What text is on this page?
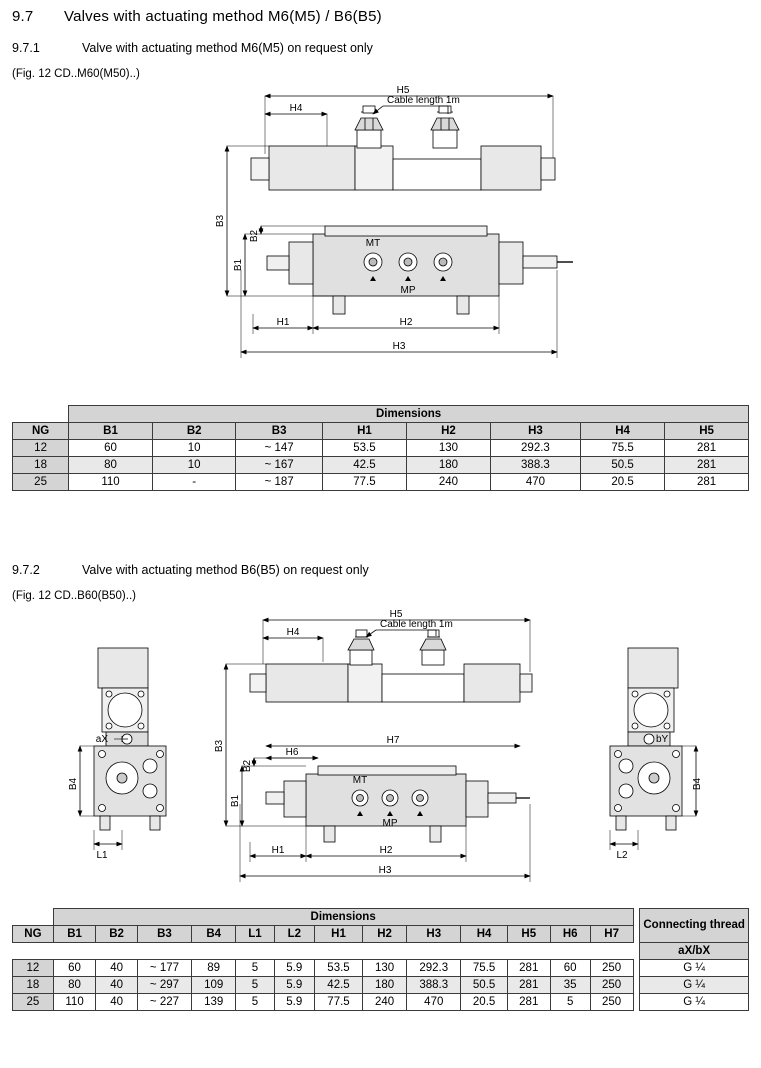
9.7 Valves with actuating method M6(M5) / B6(B5)
9.7.1	Valve with actuating method M6(M5) on request only
(Fig. 12 CD..M60(M50)..)
H5
H4
Cable length 1m
H1	H2
H3
B3
B1
B2
MT
MP
	Dimensions							
NG	B1	B2	B3	H1	H2	H3	H4	H5
12	60	10	~ 147	53.5	130	292.3	75.5	281
18	80	10	~ 167	42.5	180	388.3	50.5	281
25	110	-	~ 187	77.5	240	470	20.5	281
9.7.2	Valve with actuating method B6(B5) on request only
(Fig. 12 CD..B60(B50)..)
B4
aX
L1
H5
H4
Cable length 1m
H7
H6
H1	H2
H3
B3
B1
B2
MT
MP
B4
bY
L2
	Dimensions														Connecting thread
NG	B1	B2	B3	B4	L1	L2	H1	H2	H3	H4	H5	H6	H7		
															aX/bX
12	60	40	~ 177	89	5	5.9	53.5	130	292.3	75.5	281	60	250		G ¼
18	80	40	~ 297	109	5	5.9	42.5	180	388.3	50.5	281	35	250		G ¼
25	110	40	~ 227	139	5	5.9	77.5	240	470	20.5	281	5	250		G ¼
